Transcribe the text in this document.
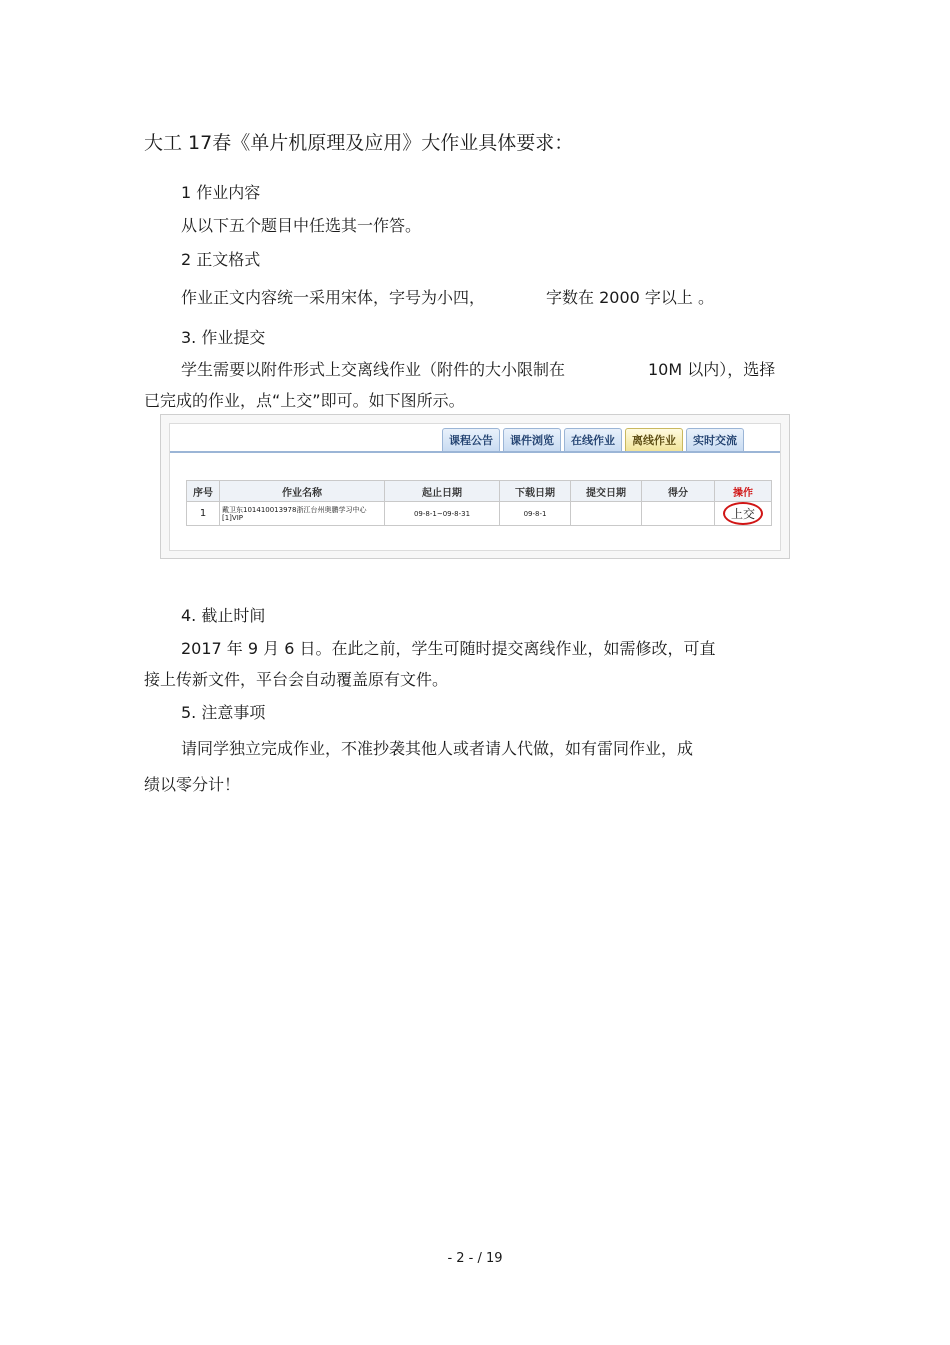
大工 17春《单片机原理及应用》大作业具体要求：
1 作业内容
从以下五个题目中任选其一作答。
2 正文格式
作业正文内容统一采用宋体，字号为小四，	字数在 2000 字以上 。
3. 作业提交
学生需要以附件形式上交离线作业（附件的大小限制在	10M 以内），选择
已完成的作业，点“上交”即可。如下图所示。
课程公告	课件浏览	在线作业	离线作业	实时交流
序号	作业名称	起止日期	下载日期	提交日期	得分	操作
1	戴卫东101410013978浙江台州奥鹏学习中心[1]VIP	09-8-1~09-8-31	09-8-1			上交
4. 截止时间
2017 年 9 月 6 日。在此之前，学生可随时提交离线作业，如需修改，可直
接上传新文件，平台会自动覆盖原有文件。
5. 注意事项
请同学独立完成作业，不准抄袭其他人或者请人代做，如有雷同作业，成
绩以零分计！
- 2 - / 19
